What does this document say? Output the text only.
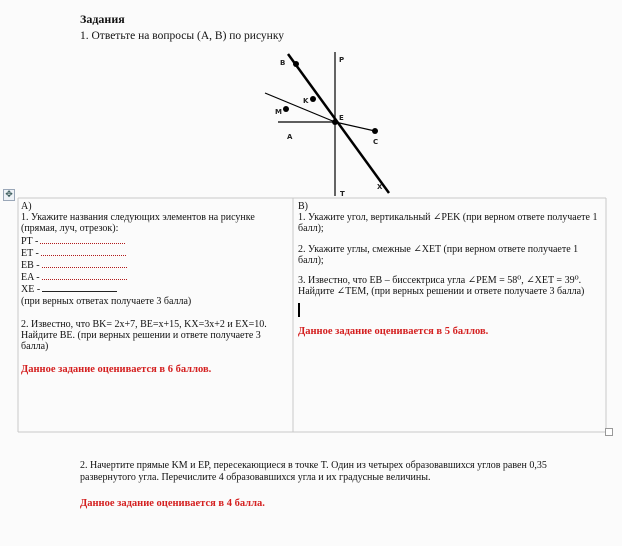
Задания
1. Ответьте на вопросы (А, В) по рисунку
B	P
K
M
E
A
C
T
X
✥
А)
1. Укажите названия следующих элементов на рисунке (прямая, луч, отрезок):
PT -
ET -
EB -
EA -
XE -
(при верных ответах получаете 3 балла)
2. Известно, что BK= 2x+7, BE=x+15, KX=3x+2 и EX=10. Найдите BE. (при верных решении и ответе получаете 3 балла)
Данное задание оценивается в 6 баллов.
В)
1. Укажите угол, вертикальный ∠PEK (при верном ответе получаете 1 балл);
2. Укажите углы, смежные ∠XET (при верном ответе получаете 1 балл);
3. Известно, что EB – биссектриса угла ∠PEM = 58⁰, ∠XET = 39⁰. Найдите ∠TEM, (при верных решении и ответе получаете 3 балла)
Данное задание оценивается в 5 баллов.
2. Начертите прямые KM и EP, пересекающиеся в точке T. Один из четырех образовавшихся углов равен 0,35 развернутого угла. Перечислите 4 образовавшихся угла и их градусные величины.
Данное задание оценивается в 4 балла.
